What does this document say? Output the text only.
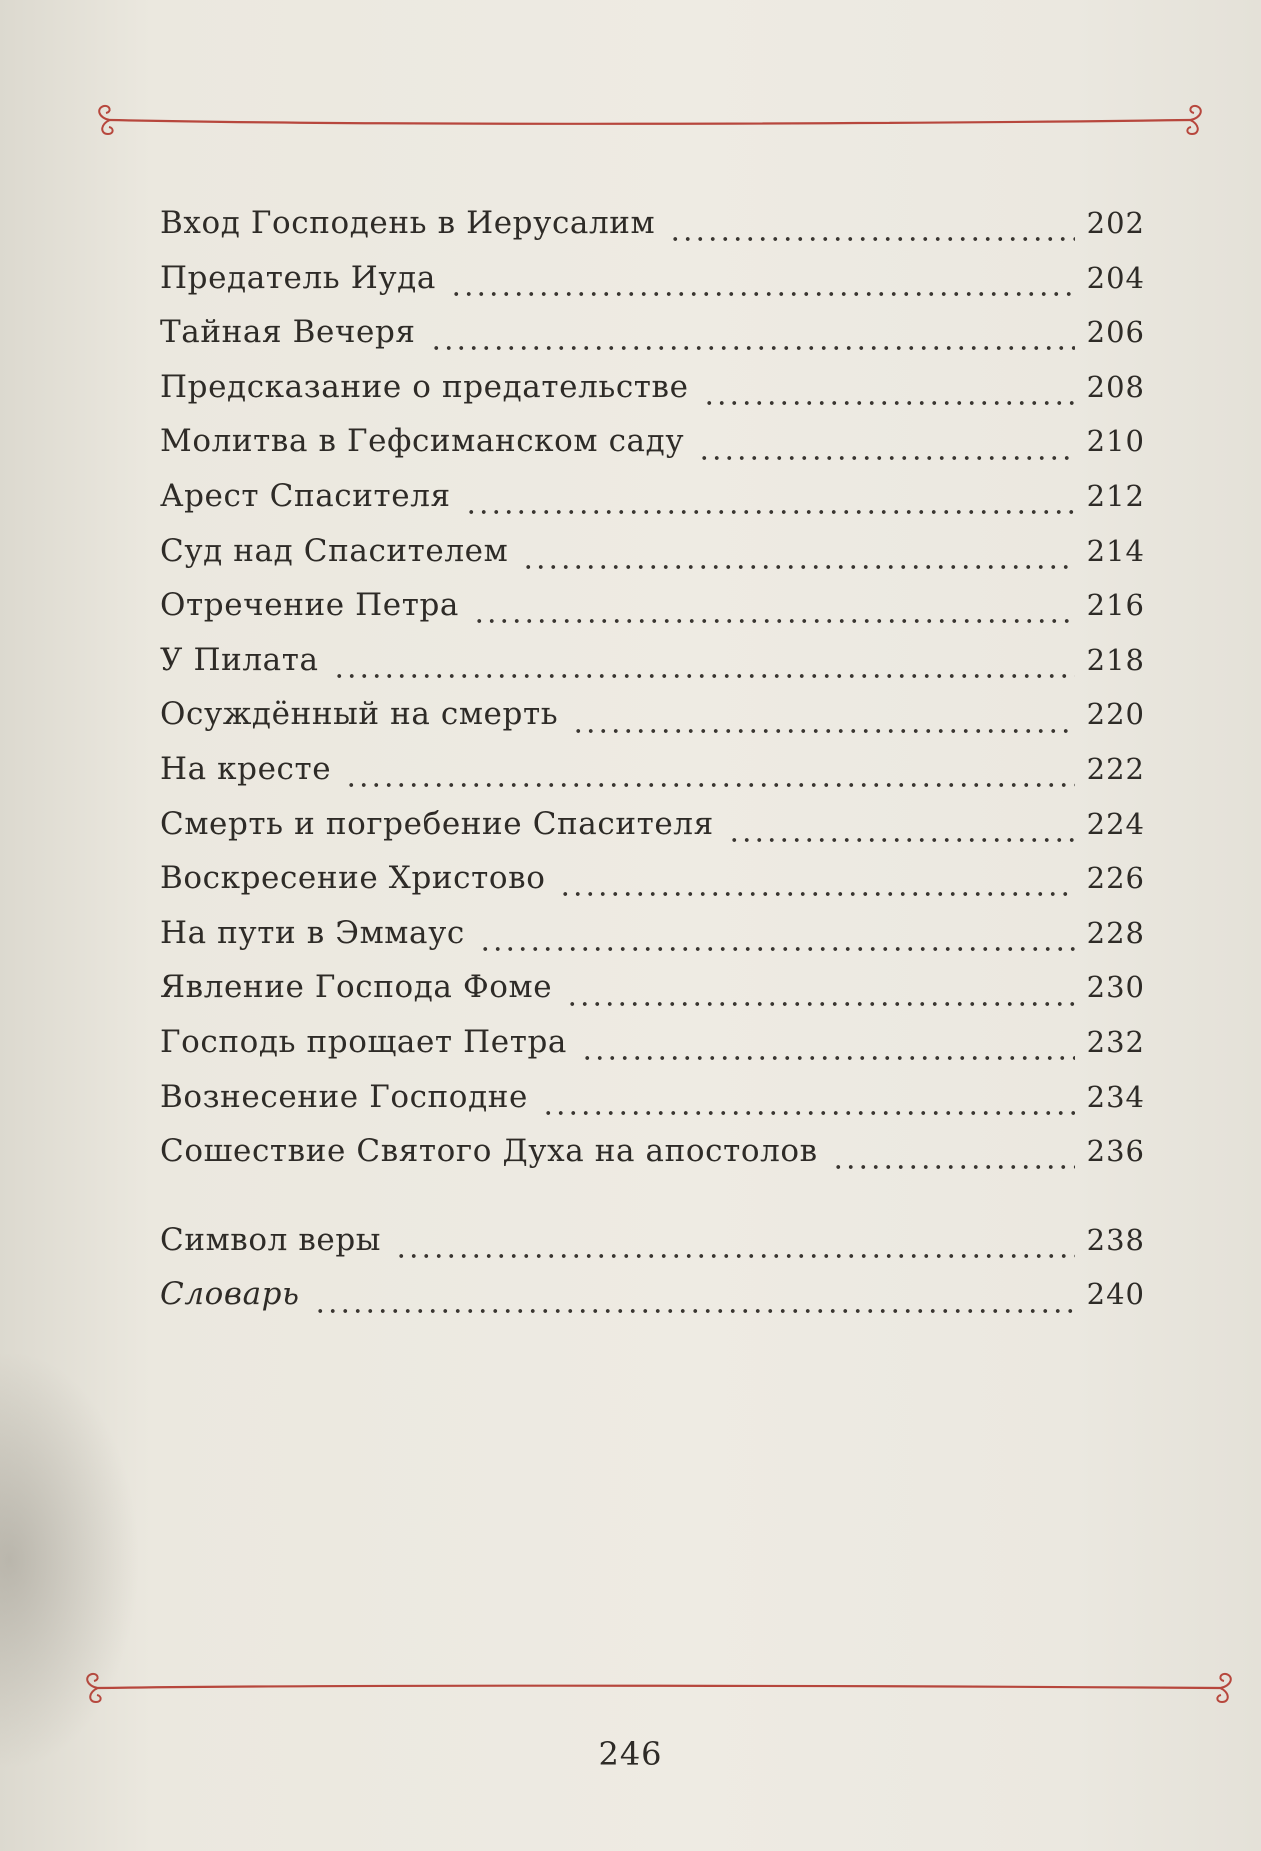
Вход Господень в Иерусалим	202
Предатель Иуда	204
Тайная Вечеря	206
Предсказание о предательстве	208
Молитва в Гефсиманском саду	210
Арест Спасителя	212
Суд над Спасителем	214
Отречение Петра	216
У Пилата	218
Осуждённый на смерть	220
На кресте	222
Смерть и погребение Спасителя	224
Воскресение Христово	226
На пути в Эммаус	228
Явление Господа Фоме	230
Господь прощает Петра	232
Вознесение Господне	234
Сошествие Святого Духа на апостолов	236
Символ веры	238
Словарь	240
246
